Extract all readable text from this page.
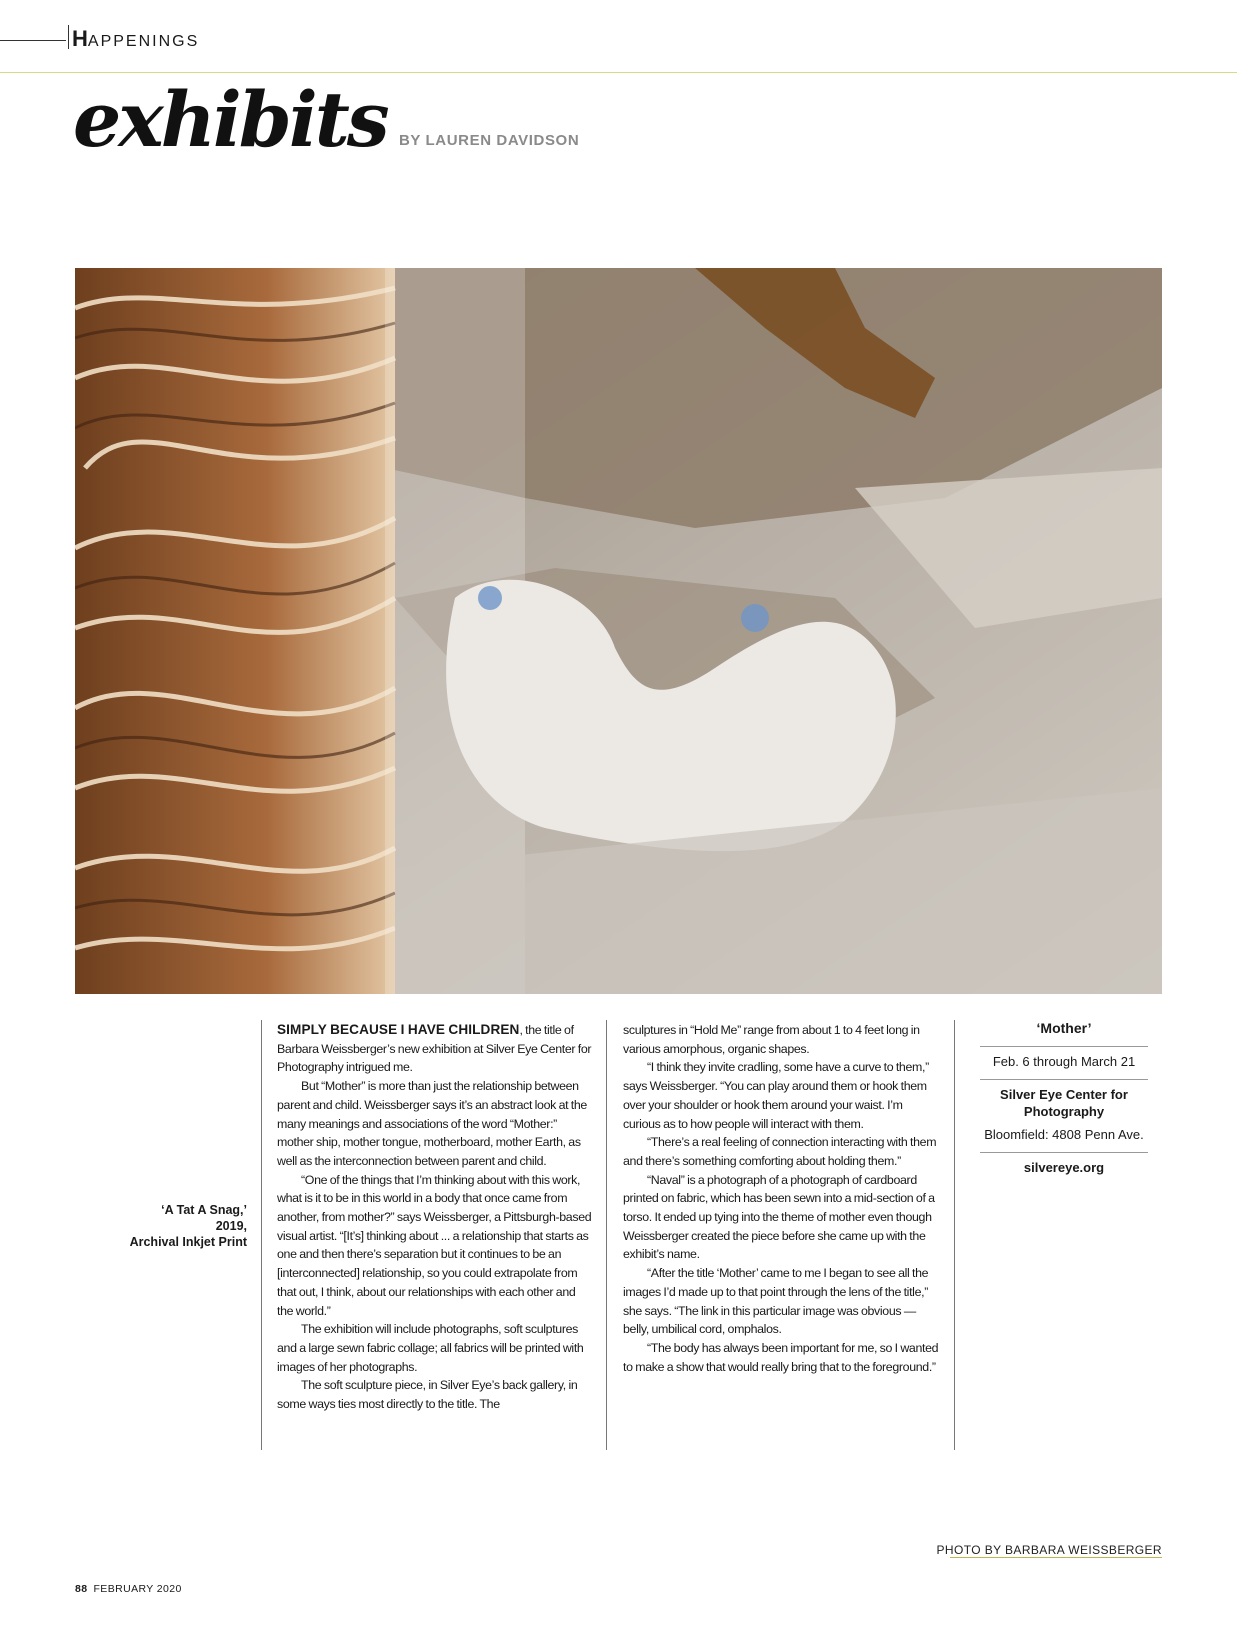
HAPPENINGS
exhibits BY LAUREN DAVIDSON
‘A Tat A Snag,’
2019,
Archival Inkjet Print

SIMPLY BECAUSE I HAVE CHILDREN, the title of Barbara Weissberger’s new exhibition at Silver Eye Center for Photography intrigued me.

But “Mother” is more than just the relationship between parent and child. Weissberger says it’s an abstract look at the many meanings and associations of the word “Mother:” mother ship, mother tongue, motherboard, mother Earth, as well as the interconnection between parent and child.

“One of the things that I’m thinking about with this work, what is it to be in this world in a body that once came from another, from mother?” says Weissberger, a Pittsburgh-based visual artist. “[It’s] thinking about ... a relationship that starts as one and then there’s separation but it continues to be an [interconnected] relationship, so you could extrapolate from that out, I think, about our relationships with each other and the world.”

The exhibition will include photographs, soft sculptures and a large sewn fabric collage; all fabrics will be printed with images of her photographs.

The soft sculpture piece, in Silver Eye’s back gallery, in some ways ties most directly to the title. The

sculptures in “Hold Me” range from about 1 to 4 feet long in various amorphous, organic shapes.

“I think they invite cradling, some have a curve to them,” says Weissberger. “You can play around them or hook them over your shoulder or hook them around your waist. I’m curious as to how people will interact with them.

“There’s a real feeling of connection interacting with them and there’s something comforting about holding them.”

“Naval” is a photograph of a photograph of cardboard printed on fabric, which has been sewn into a mid-section of a torso. It ended up tying into the theme of mother even though Weissberger created the piece before she came up with the exhibit’s name.

“After the title ‘Mother’ came to me I began to see all the images I’d made up to that point through the lens of the title,” she says. “The link in this particular image was obvious — belly, umbilical cord, omphalos.

“The body has always been important for me, so I wanted to make a show that would really bring that to the foreground.”

‘Mother’
Feb. 6 through March 21
Silver Eye Center for Photography
Bloomfield: 4808 Penn Ave.
silvereye.org
PHOTO BY BARBARA WEISSBERGER
88 FEBRUARY 2020
